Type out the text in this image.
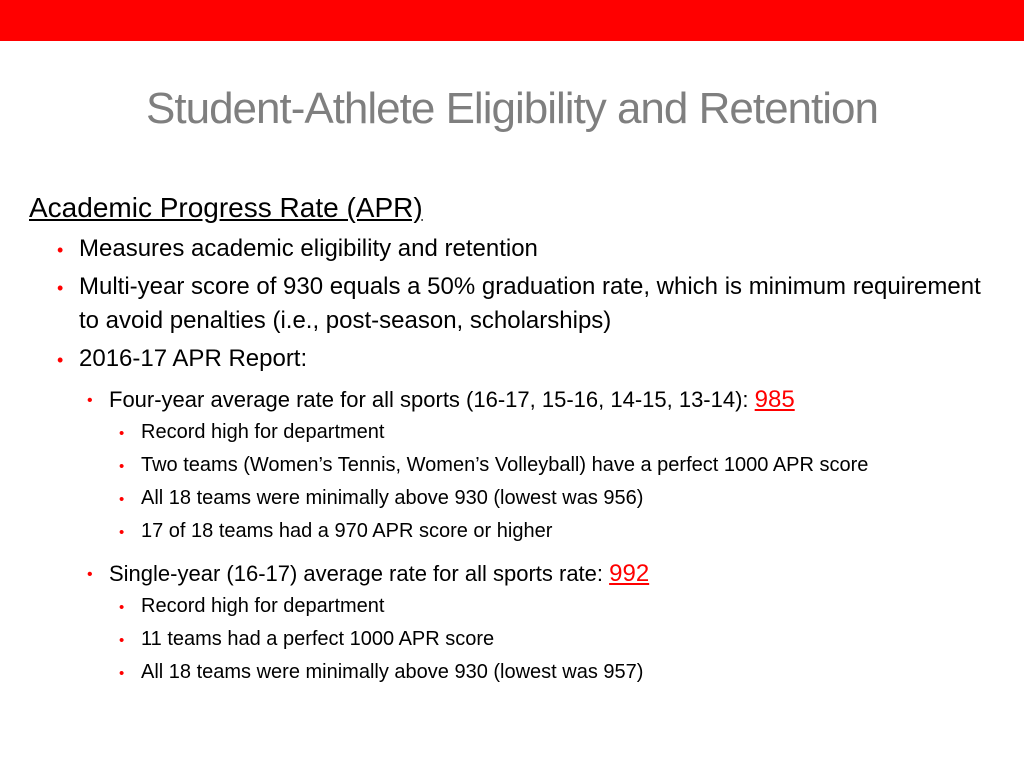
Student-Athlete Eligibility and Retention
Academic Progress Rate (APR)
• Measures academic eligibility and retention
• Multi-year score of 930 equals a 50% graduation rate, which is minimum requirement to avoid penalties (i.e., post-season, scholarships)
• 2016-17 APR Report:
• Four-year average rate for all sports (16-17, 15-16, 14-15, 13-14): 985
• Record high for department
• Two teams (Women’s Tennis, Women’s Volleyball) have a perfect 1000 APR score
• All 18 teams were minimally above 930 (lowest was 956)
• 17 of 18 teams had a 970 APR score or higher
• Single-year (16-17) average rate for all sports rate: 992
• Record high for department
• 11 teams had a perfect 1000 APR score
• All 18 teams were minimally above 930 (lowest was 957)
